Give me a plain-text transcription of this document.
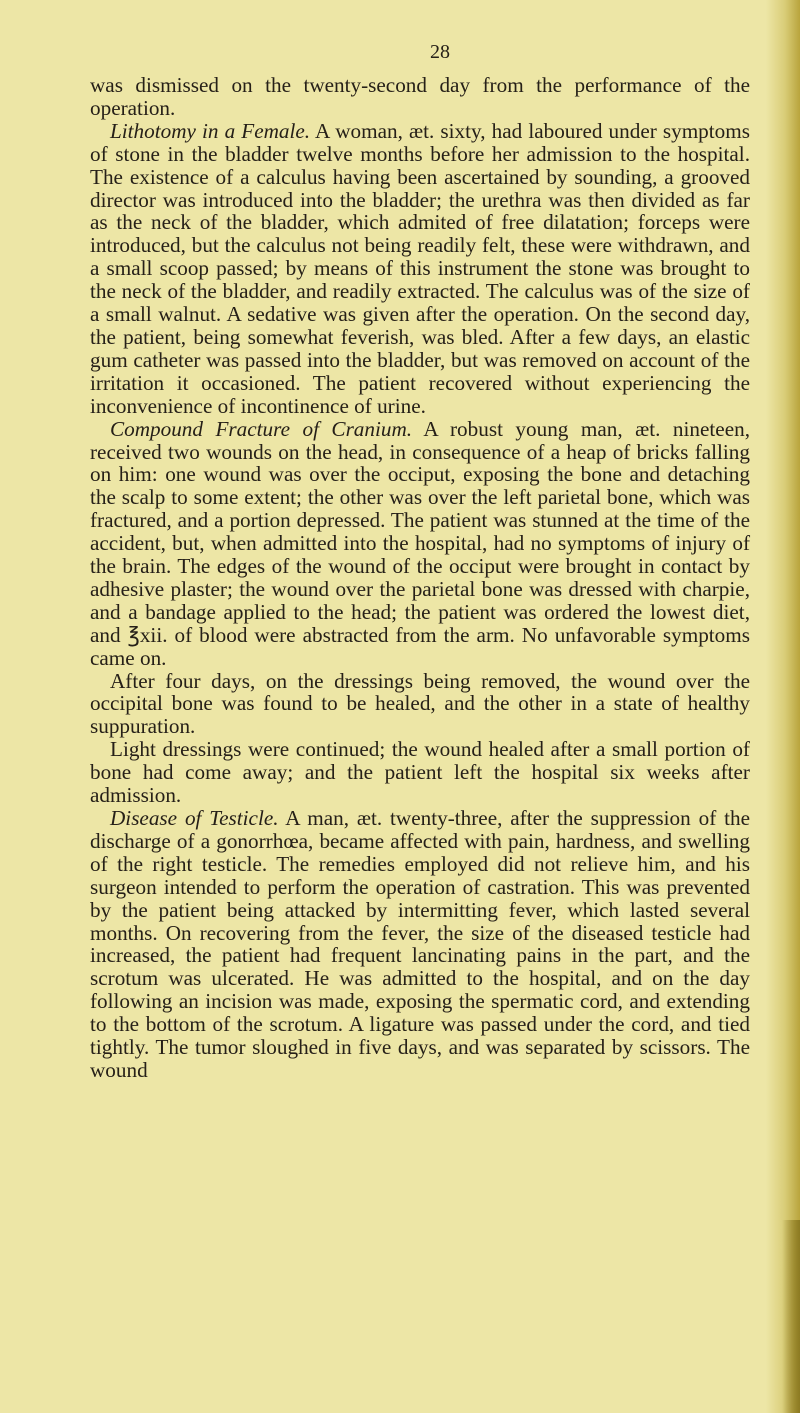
28

was dismissed on the twenty-second day from the performance of the operation.

Lithotomy in a Female. A woman, æt. sixty, had laboured under symptoms of stone in the bladder twelve months before her admission to the hospital. The existence of a calculus having been ascertained by sounding, a grooved director was introduced into the bladder; the urethra was then divided as far as the neck of the bladder, which admited of free dilatation; forceps were introduced, but the calculus not being readily felt, these were withdrawn, and a small scoop passed; by means of this instrument the stone was brought to the neck of the bladder, and readily extracted. The calculus was of the size of a small walnut. A sedative was given after the operation. On the second day, the patient, being somewhat feverish, was bled. After a few days, an elastic gum catheter was passed into the bladder, but was removed on account of the irritation it occasioned. The patient recovered without experiencing the inconvenience of incontinence of urine.

Compound Fracture of Cranium. A robust young man, æt. nineteen, received two wounds on the head, in consequence of a heap of bricks falling on him: one wound was over the occiput, exposing the bone and detaching the scalp to some extent; the other was over the left parietal bone, which was fractured, and a portion depressed. The patient was stunned at the time of the accident, but, when admitted into the hospital, had no symptoms of injury of the brain. The edges of the wound of the occiput were brought in contact by adhesive plaster; the wound over the parietal bone was dressed with charpie, and a bandage applied to the head; the patient was ordered the lowest diet, and ℥xii. of blood were abstracted from the arm. No unfavorable symptoms came on.

After four days, on the dressings being removed, the wound over the occipital bone was found to be healed, and the other in a state of healthy suppuration.

Light dressings were continued; the wound healed after a small portion of bone had come away; and the patient left the hospital six weeks after admission.

Disease of Testicle. A man, æt. twenty-three, after the suppression of the discharge of a gonorrhœa, became affected with pain, hardness, and swelling of the right testicle. The remedies employed did not relieve him, and his surgeon intended to perform the operation of castration. This was prevented by the patient being attacked by intermitting fever, which lasted several months. On recovering from the fever, the size of the diseased testicle had increased, the patient had frequent lancinating pains in the part, and the scrotum was ulcerated. He was admitted to the hospital, and on the day following an incision was made, exposing the spermatic cord, and extending to the bottom of the scrotum. A ligature was passed under the cord, and tied tightly. The tumor sloughed in five days, and was separated by scissors. The wound
